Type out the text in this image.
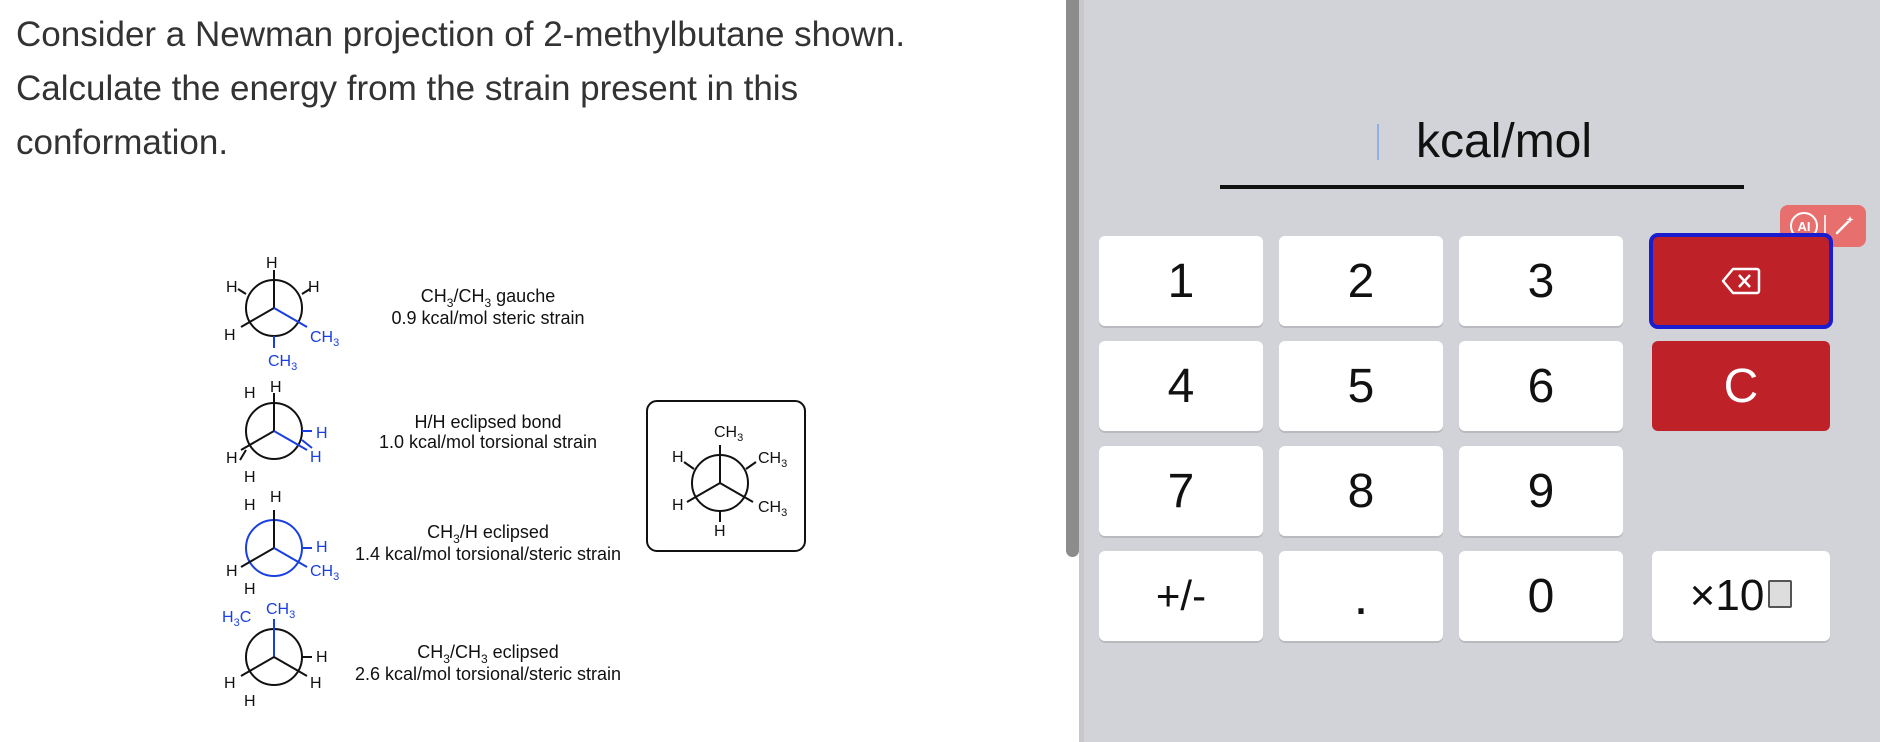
Consider a Newman projection of 2-methylbutane shown.
Calculate the energy from the strain present in this
conformation.
H
H	H
H	$CH_3$
$CH_3$
H H
H
H
H
H
H H
H
$CH_3$
H
H
$H_3C$ $CH_3$
H
H
H
H
$CH_3$
H	$CH_3$
H	$CH_3$
H
$CH_3/CH_3$ gauche
0.9 kcal/mol steric strain
H/H eclipsed bond
1.0 kcal/mol torsional strain
$CH_3/H$ eclipsed
1.4 kcal/mol torsional/steric strain
$CH_3/CH_3$ eclipsed
2.6 kcal/mol torsional/steric strain
kcal/mol
AI
1	2	3
4	5	6	C
7	8	9
+/-	.	0	×10
